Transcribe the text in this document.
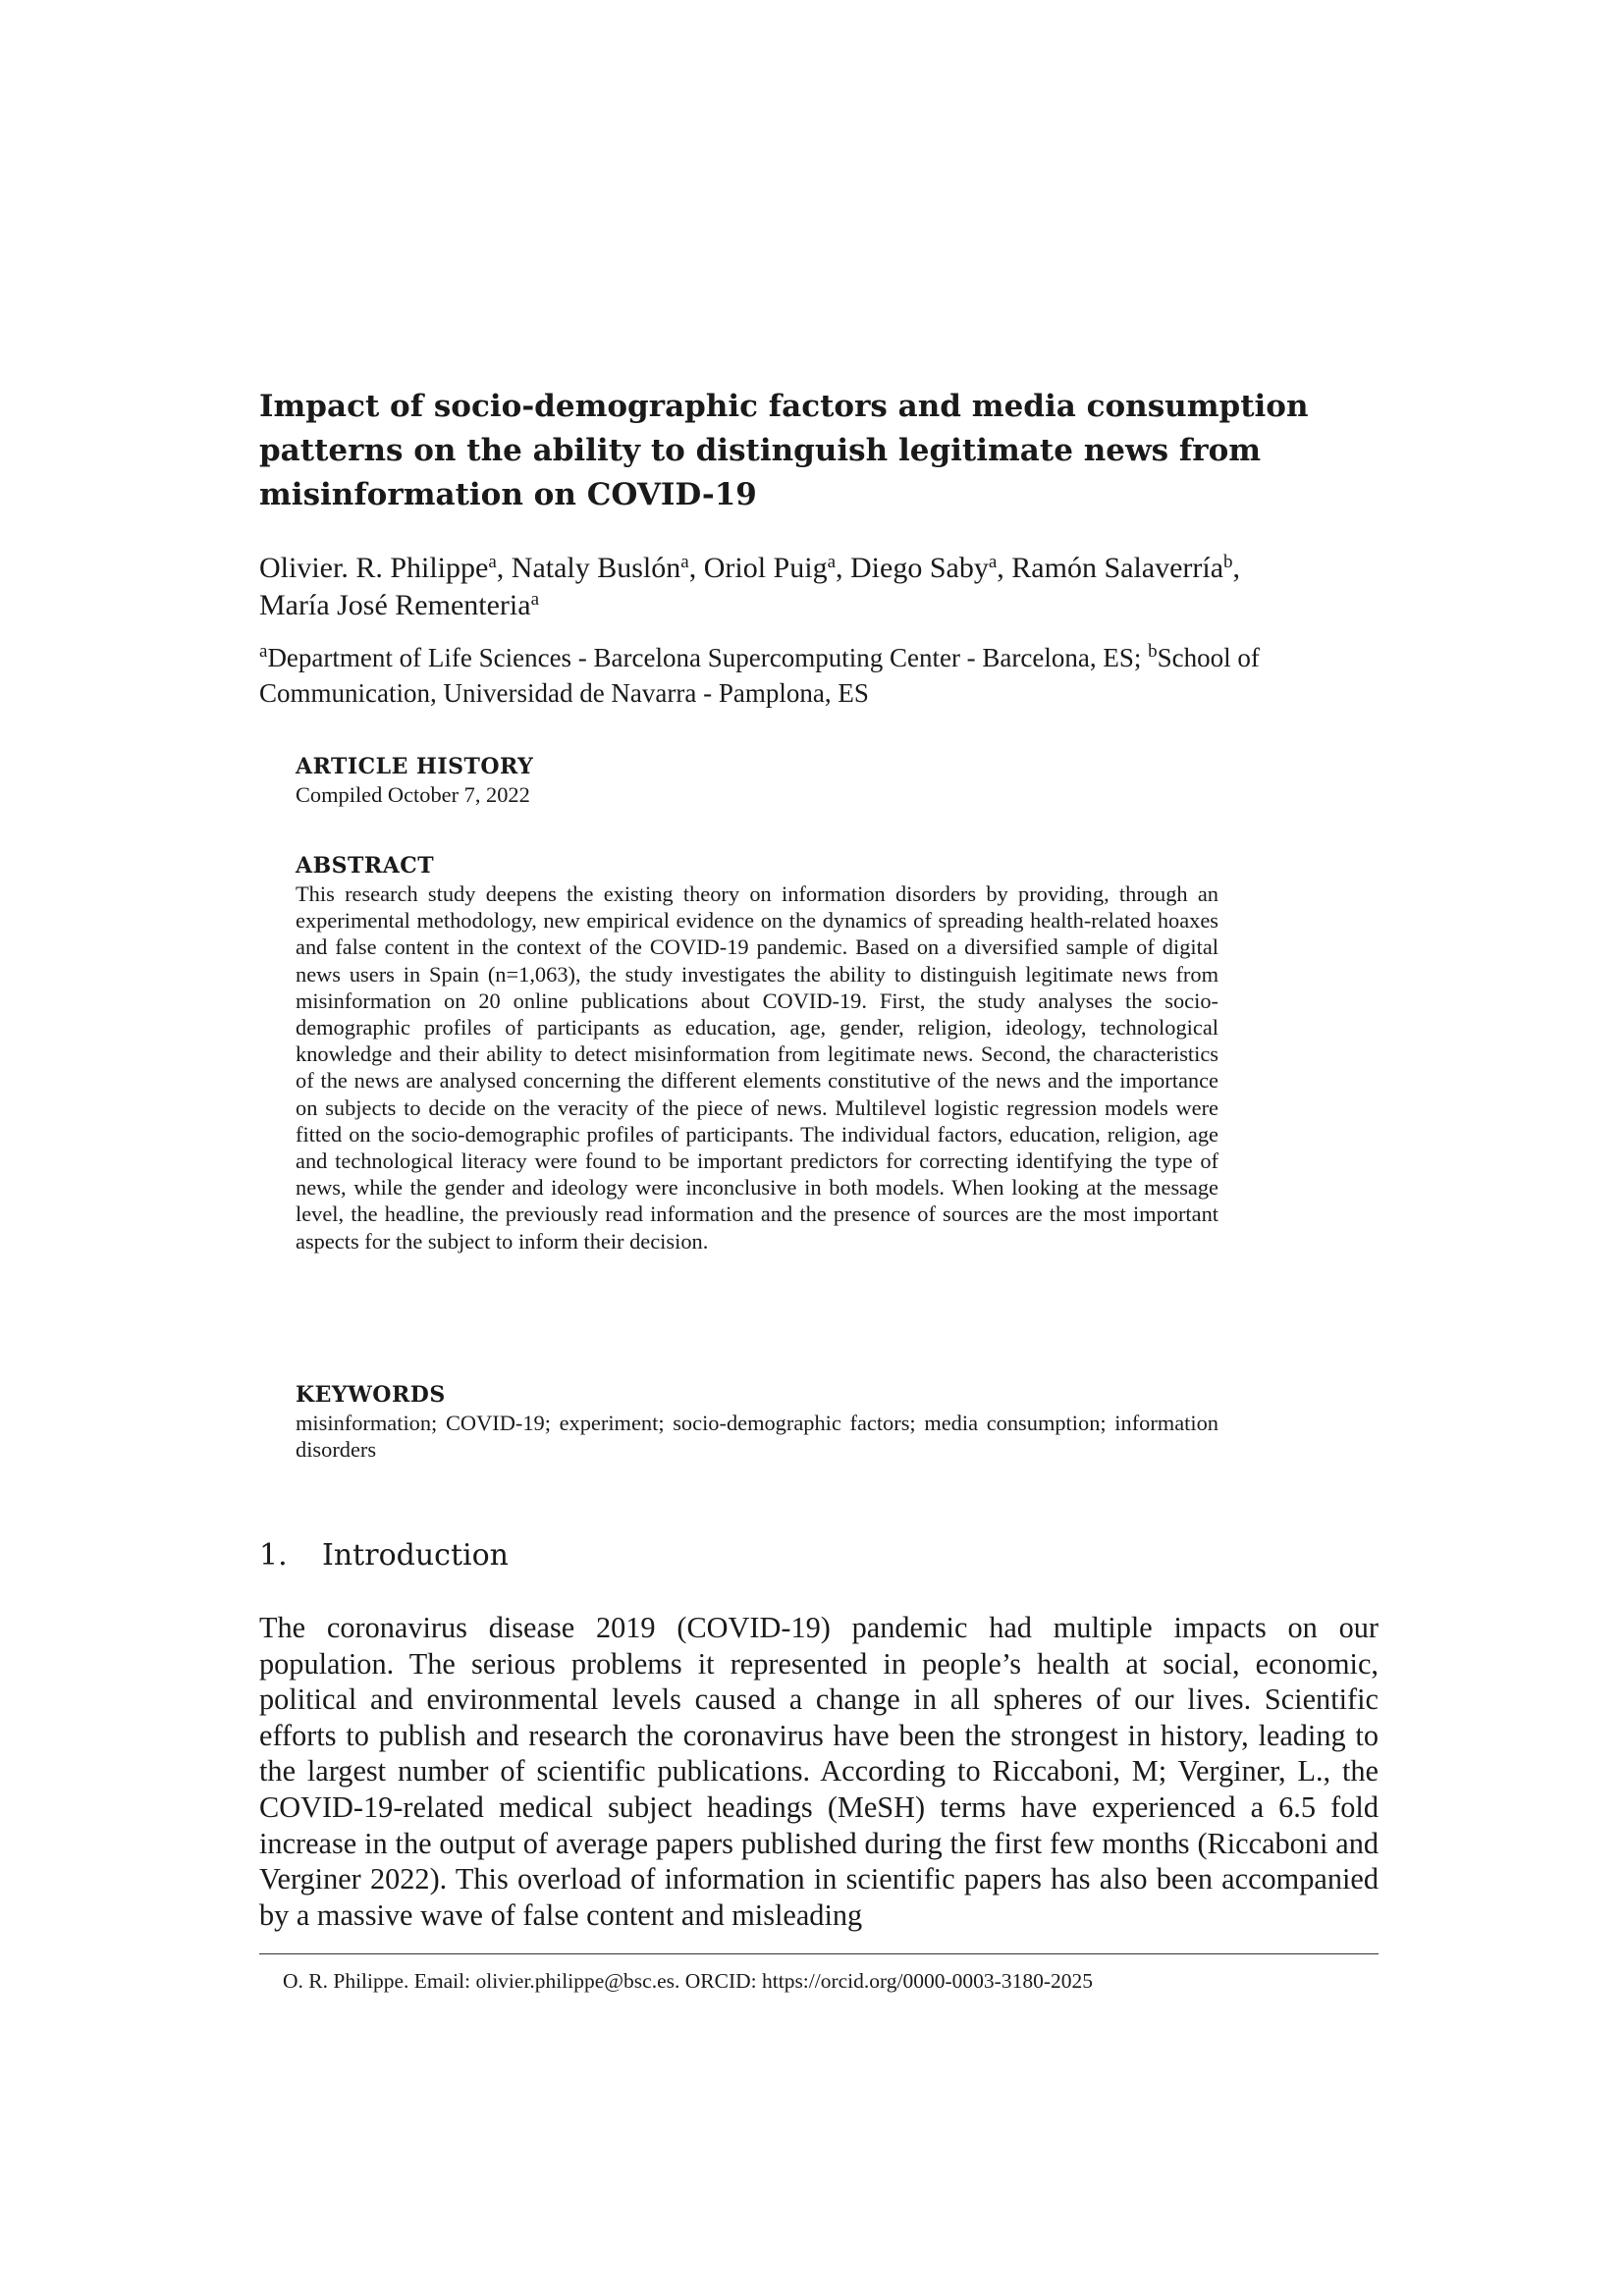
Impact of socio-demographic factors and media consumption patterns on the ability to distinguish legitimate news from misinformation on COVID-19

Olivier. R. Philippe$^a$, Nataly Buslón$^a$, Oriol Puig$^a$, Diego Saby$^a$, Ramón Salaverría$^b$,
María José Rementeria$^a$

$^a$Department of Life Sciences - Barcelona Supercomputing Center - Barcelona, ES; $^b$School of Communication, Universidad de Navarra - Pamplona, ES

ARTICLE HISTORY

Compiled October 7, 2022

ABSTRACT

This research study deepens the existing theory on information disorders by providing, through an experimental methodology, new empirical evidence on the dynamics of spreading health-related hoaxes and false content in the context of the COVID-19 pandemic. Based on a diversified sample of digital news users in Spain (n=1,063), the study investigates the ability to distinguish legitimate news from misinformation on 20 online publications about COVID-19. First, the study analyses the socio-demographic profiles of participants as education, age, gender, religion, ideology, technological knowledge and their ability to detect misinformation from legitimate news. Second, the characteristics of the news are analysed concerning the different elements constitutive of the news and the importance on subjects to decide on the veracity of the piece of news. Multilevel logistic regression models were fitted on the socio-demographic profiles of participants. The individual factors, education, religion, age and technological literacy were found to be important predictors for correcting identifying the type of news, while the gender and ideology were inconclusive in both models. When looking at the message level, the headline, the previously read information and the presence of sources are the most important aspects for the subject to inform their decision.

KEYWORDS

misinformation; COVID-19; experiment; socio-demographic factors; media consumption; information disorders

1. Introduction

The coronavirus disease 2019 (COVID-19) pandemic had multiple impacts on our population. The serious problems it represented in people’s health at social, economic, political and environmental levels caused a change in all spheres of our lives. Scientific efforts to publish and research the coronavirus have been the strongest in history, leading to the largest number of scientific publications. According to Riccaboni, M; Verginer, L., the COVID-19-related medical subject headings (MeSH) terms have experienced a 6.5 fold increase in the output of average papers published during the first few months (Riccaboni and Verginer 2022). This overload of information in scientific papers has also been accompanied by a massive wave of false content and misleading

O. R. Philippe. Email: olivier.philippe@bsc.es. ORCID: https://orcid.org/0000-0003-3180-2025
